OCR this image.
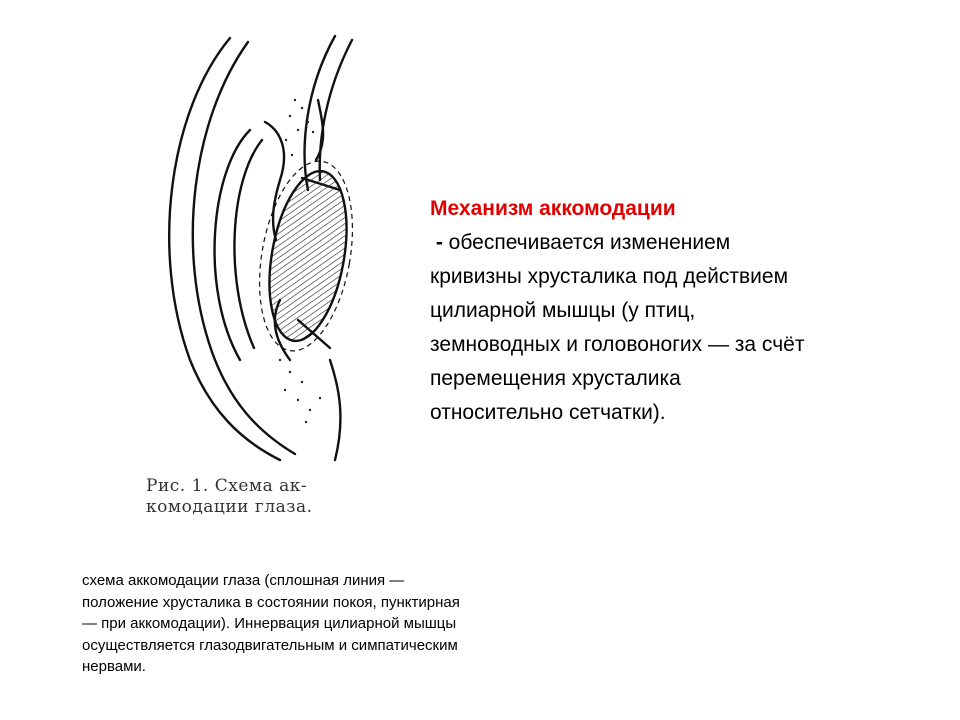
Рис. 1. Схема ак-
комодации глаза.
Механизм аккомодации
- обеспечивается изменением
кривизны хрусталика под действием
цилиарной мышцы (у птиц,
земноводных и головоногих — за счёт
перемещения хрусталика
относительно сетчатки).
схема аккомодации глаза (сплошная линия —
положение хрусталика в состоянии покоя, пунктирная
— при аккомодации). Иннервация цилиарной мышцы
осуществляется глазодвигательным и симпатическим
нервами.
